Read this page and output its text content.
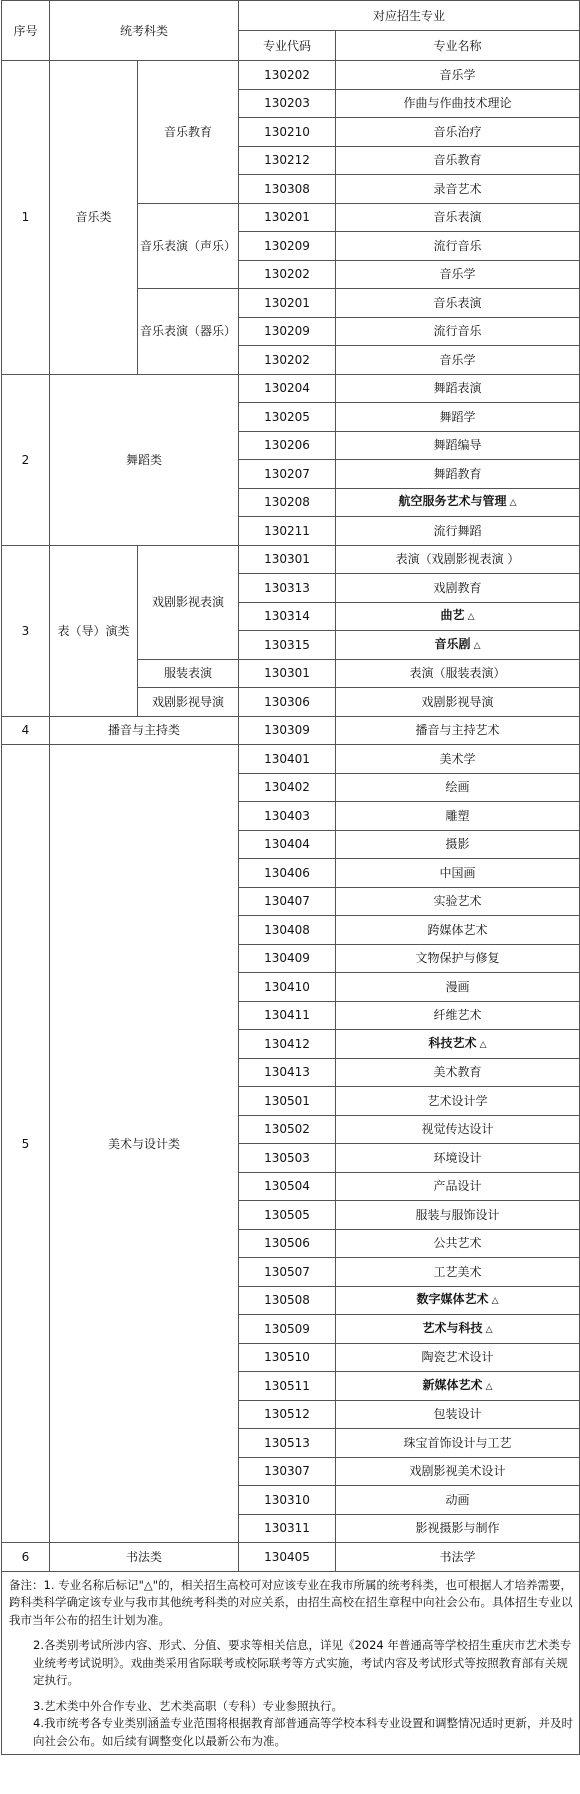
序号	统考科类		对应招生专业	
			专业代码	专业名称
1	音乐类	音乐教育	130202	音乐学
			130203	作曲与作曲技术理论
			130210	音乐治疗
			130212	音乐教育
			130308	录音艺术
		音乐表演（声乐）	130201	音乐表演
			130209	流行音乐
			130202	音乐学
		音乐表演（器乐）	130201	音乐表演
			130209	流行音乐
			130202	音乐学
2	舞蹈类		130204	舞蹈表演
			130205	舞蹈学
			130206	舞蹈编导
			130207	舞蹈教育
			130208	航空服务艺术与管理 △
			130211	流行舞蹈
3	表（导）演类	戏剧影视表演	130301	表演（戏剧影视表演 ）
			130313	戏剧教育
			130314	曲艺 △
			130315	音乐剧 △
		服装表演	130301	表演（服装表演）
		戏剧影视导演	130306	戏剧影视导演
4	播音与主持类		130309	播音与主持艺术
5	美术与设计类		130401	美术学
			130402	绘画
			130403	雕塑
			130404	摄影
			130406	中国画
			130407	实验艺术
			130408	跨媒体艺术
			130409	文物保护与修复
			130410	漫画
			130411	纤维艺术
			130412	科技艺术 △
			130413	美术教育
			130501	艺术设计学
			130502	视觉传达设计
			130503	环境设计
			130504	产品设计
			130505	服装与服饰设计
			130506	公共艺术
			130507	工艺美术
			130508	数字媒体艺术 △
			130509	艺术与科技 △
			130510	陶瓷艺术设计
			130511	新媒体艺术 △
			130512	包装设计
			130513	珠宝首饰设计与工艺
			130307	戏剧影视美术设计
			130310	动画
			130311	影视摄影与制作
6	书法类		130405	书法学

备注：1. 专业名称后标记"△"的，相关招生高校可对应该专业在我市所属的统考科类，也可根据人才培养需要，跨科类科学确定该专业与我市其他统考科类的对应关系，由招生高校在招生章程中向社会公布。具体招生专业以我市当年公布的招生计划为准。

2.各类别考试所涉内容、形式、分值、要求等相关信息，详见《2024 年普通高等学校招生重庆市艺术类专业统考考试说明》。戏曲类采用省际联考或校际联考等方式实施，考试内容及考试形式等按照教育部有关规定执行。

3.艺术类中外合作专业、艺术类高职（专科）专业参照执行。

4.我市统考各专业类别涵盖专业范围将根据教育部普通高等学校本科专业设置和调整情况适时更新，并及时向社会公布。如后续有调整变化以最新公布为准。
